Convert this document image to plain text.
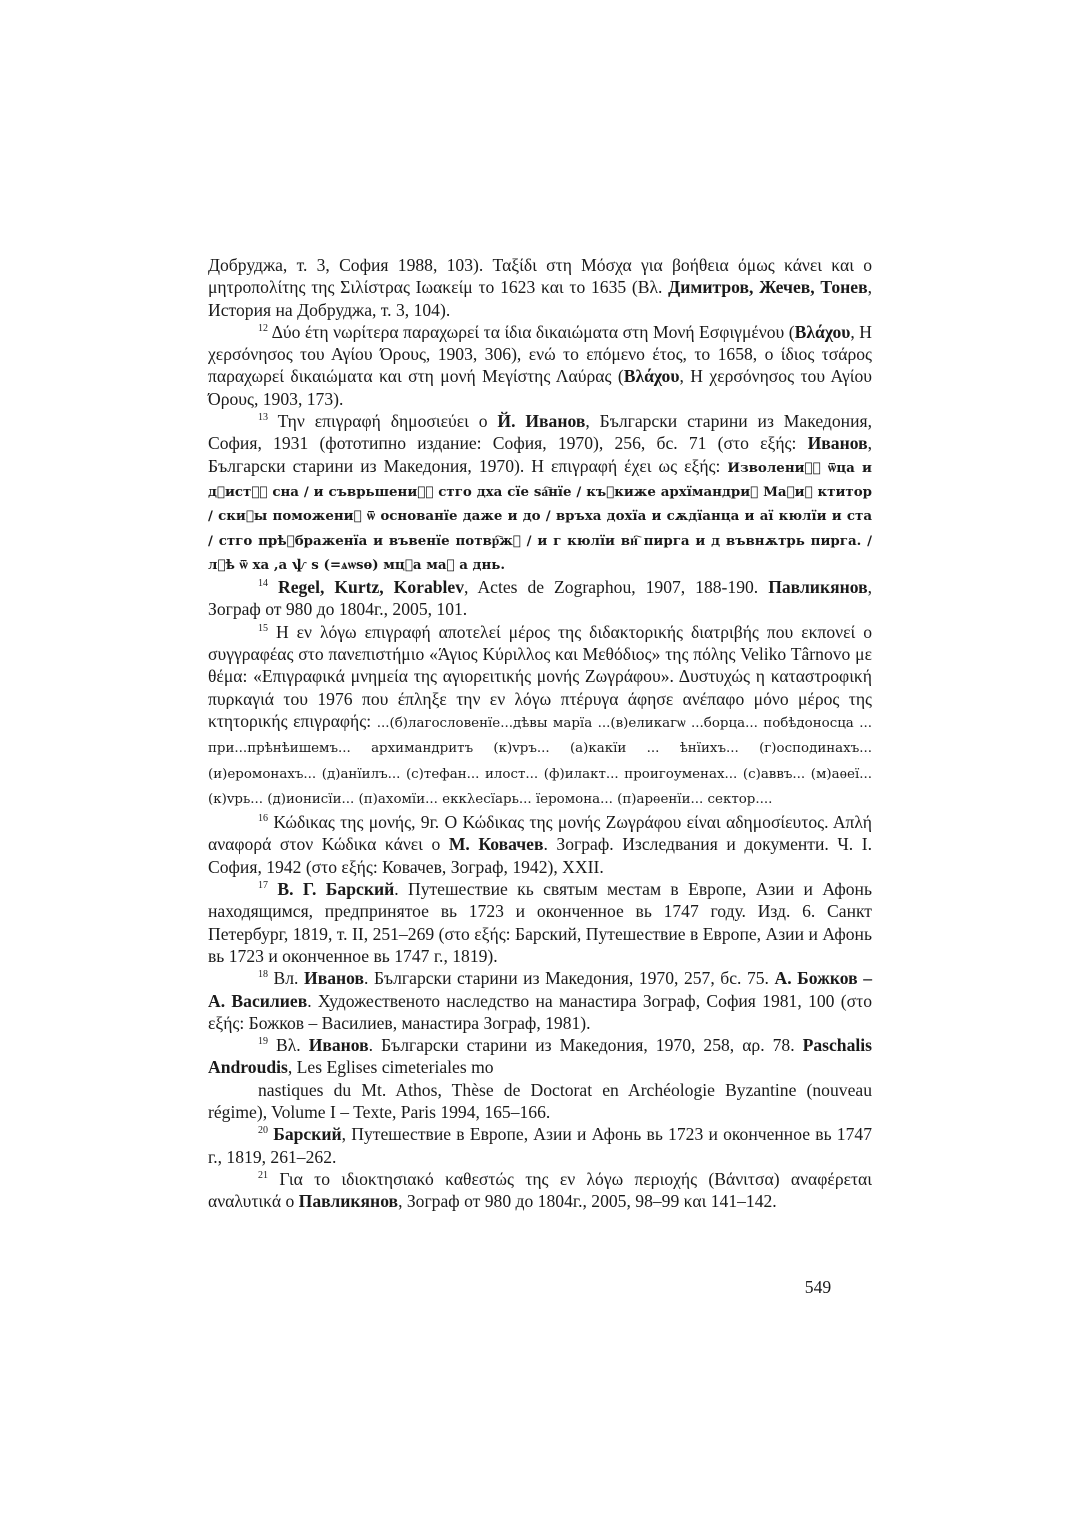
Добруджа, т. 3, София 1988, 103). Ταξίδι στη Μόσχα για βοήθεια όμως κάνει και ο μητροπολίτης της Σιλίστρας Ιωακείμ το 1623 και το 1635 (Βλ. Димитров, Жечев, Тонев, История на Добруджа, т. 3, 104).

$^{12}$ Δύο έτη νωρίτερα παραχωρεί τα ίδια δικαιώματα στη Μονή Εσφιγμένου (Βλάχου, Η χερσόνησος του Αγίου Όρους, 1903, 306), ενώ το επόμενο έτος, το 1658, ο ίδιος τσάρος παραχωρεί δικαιώματα και στη μονή Μεγίστης Λαύρας (Βλάχου, Η χερσόνησος του Αγίου Όρους, 1903, 173).

$^{13}$ Την επιγραφή δημοσιεύει ο Й. Иванов, Български старини из Македония, София, 1931 (фототипно издание: София, 1970), 256, бс. 71 (στο εξής: Иванов, Български старини из Македония, 1970). Η επιγραφή έχει ως εξής: Изволениⷷ҇ ѿца и дⷺистꙍⷷ сна / и съврьшениⷷ҇ стго дха сїе ѕа҇нїе / къⷭкиже архїмандриⷮ Маⷱиⷷ ктитор / скиⷮы поможениⷷ ѿ основанїе даже и до / връха дохїа и сѫдїанца и аї кюлїи и ста / стго прѣꙍбраженїа и въвенїе потвр҇жⷣ / и г кюлїи вн҇ пирга и д въвнѫтрь пирга. / лⷮѣ ѿ ха ,а ѱ ѕ (=ѧѡѕѳ) мцⷭа маⷬ а днь.

$^{14}$ Regel, Kurtz, Korablev, Actes de Zographou, 1907, 188-190. Павликянов, Зограф от 980 до 1804г., 2005, 101.

$^{15}$ Η εν λόγω επιγραφή αποτελεί μέρος της διδακτορικής διατριβής που εκπονεί ο συγγραφέας στο πανεπιστήμιο «Άγιος Κύριλλος και Μεθόδιος» της πόλης Veliko Târnovo με θέμα: «Επιγραφικά μνημεία της αγιορειτικής μονής Ζωγράφου». Δυστυχώς η καταστροφική πυρκαγιά του 1976 που έπληξε την εν λόγω πτέρυγα άφησε ανέπαφο μόνο μέρος της κτητορικής επιγραφής: ...(б)лагословенїе...дѣвы марїа ...(в)еликагѡ ...борца... побѣдоносца ... при...прѣнѣишемъ... архимандритъ (к)vръ... (а)какїи ... ѣнїихъ... (г)осподинахъ... (и)еромонахъ... (д)анїилъ... (с)тефан... илост... (ф)илакт... проигоуменах... (с)аввъ... (м)аѳеї... (к)vрь... (д)ионисїи... (п)ахомїи... еккλесїарь... їеромона... (п)арѳенїи... сектор....

$^{16}$ Κώδικας της μονής, 9г. Ο Κώδικας της μονής Ζωγράφου είναι αδημοσίευτος. Απλή αναφορά στον Κώδικα κάνει ο М. Ковачев. Зограф. Изследвания и документи. Ч. I. София, 1942 (στο εξής: Ковачев, Зограф, 1942), XXII.

$^{17}$ В. Г. Барский. Путешествие кь святым местам в Европе, Азии и Афонь находящимся, предпринятое вь 1723 и оконченное вь 1747 году. Изд. 6. Санкт Петербург, 1819, т. II, 251–269 (στο εξής: Барский, Путешествие в Европе, Азии и Афонь вь 1723 и оконченное вь 1747 г., 1819).

$^{18}$ Вл. Иванов. Български старини из Македония, 1970, 257, бс. 75. А. Божков – А. Василиев. Художественото наследство на манастира Зограф, София 1981, 100 (στο εξής: Божков – Василиев, манастира Зограф, 1981).

$^{19}$ Βλ. Иванов. Български старини из Македония, 1970, 258, αρ. 78. Paschalis Androudis, Les Eglises cimeteriales mo

nastiques du Mt. Athos, Thèse de Doctorat en Archéologie Byzantine (nouveau régime), Volume I – Texte, Paris 1994, 165–166.

$^{20}$ Барский, Путешествие в Европе, Азии и Афонь вь 1723 и оконченное вь 1747 г., 1819, 261–262.

$^{21}$ Για το ιδιοκτησιακό καθεστώς της εν λόγω περιοχής (Βάνιτσα) αναφέρεται αναλυτικά ο Павликянов, Зограф от 980 до 1804г., 2005, 98–99 και 141–142.

549
